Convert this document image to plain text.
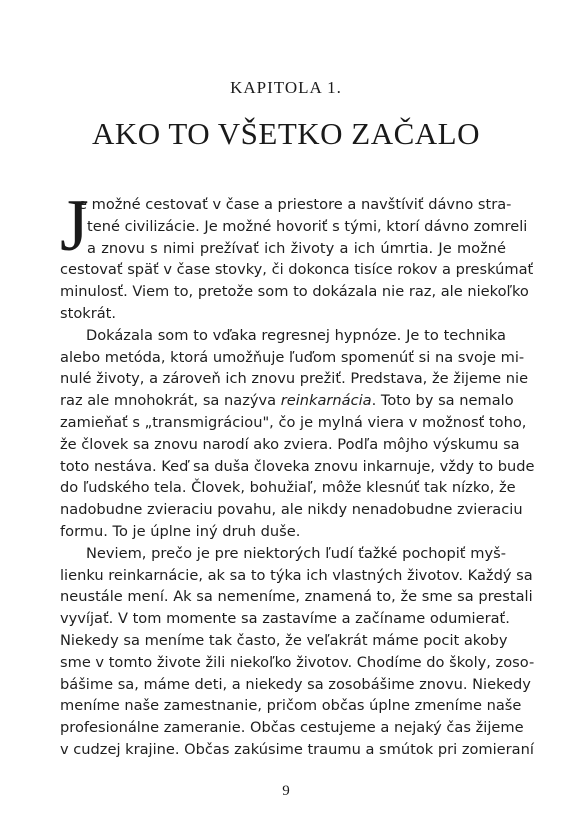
KAPITOLA 1.
AKO TO VŠETKO ZAČALO
J
e možné cestovať v čase a priestore a navštíviť dávno stra-
tené civilizácie. Je možné hovoriť s tými, ktorí dávno zomreli
a znovu s nimi prežívať ich životy a ich úmrtia. Je možné
cestovať späť v čase stovky, či dokonca tisíce rokov a preskúmať
minulosť. Viem to, pretože som to dokázala nie raz, ale niekoľko
stokrát.
Dokázala som to vďaka regresnej hypnóze. Je to technika
alebo metóda, ktorá umožňuje ľuďom spomenúť si na svoje mi-
nulé životy, a zároveň ich znovu prežiť. Predstava, že žijeme nie
raz ale mnohokrát, sa nazýva reinkarnácia. Toto by sa nemalo
zamieňať s „transmigráciou", čo je mylná viera v možnosť toho,
že človek sa znovu narodí ako zviera. Podľa môjho výskumu sa
toto nestáva. Keď sa duša človeka znovu inkarnuje, vždy to bude
do ľudského tela. Človek, bohužiaľ, môže klesnúť tak nízko, že
nadobudne zvieraciu povahu, ale nikdy nenadobudne zvieraciu
formu. To je úplne iný druh duše.
Neviem, prečo je pre niektorých ľudí ťažké pochopiť myš-
lienku reinkarnácie, ak sa to týka ich vlastných životov. Každý sa
neustále mení. Ak sa nemeníme, znamená to, že sme sa prestali
vyvíjať. V tom momente sa zastavíme a začíname odumierať.
Niekedy sa meníme tak často, že veľakrát máme pocit akoby
sme v tomto živote žili niekoľko životov. Chodíme do školy, zoso-
bášime sa, máme deti, a niekedy sa zosobášime znovu. Niekedy
meníme naše zamestnanie, pričom občas úplne zmeníme naše
profesionálne zameranie. Občas cestujeme a nejaký čas žijeme
v cudzej krajine. Občas zakúsime traumu a smútok pri zomieraní
9
